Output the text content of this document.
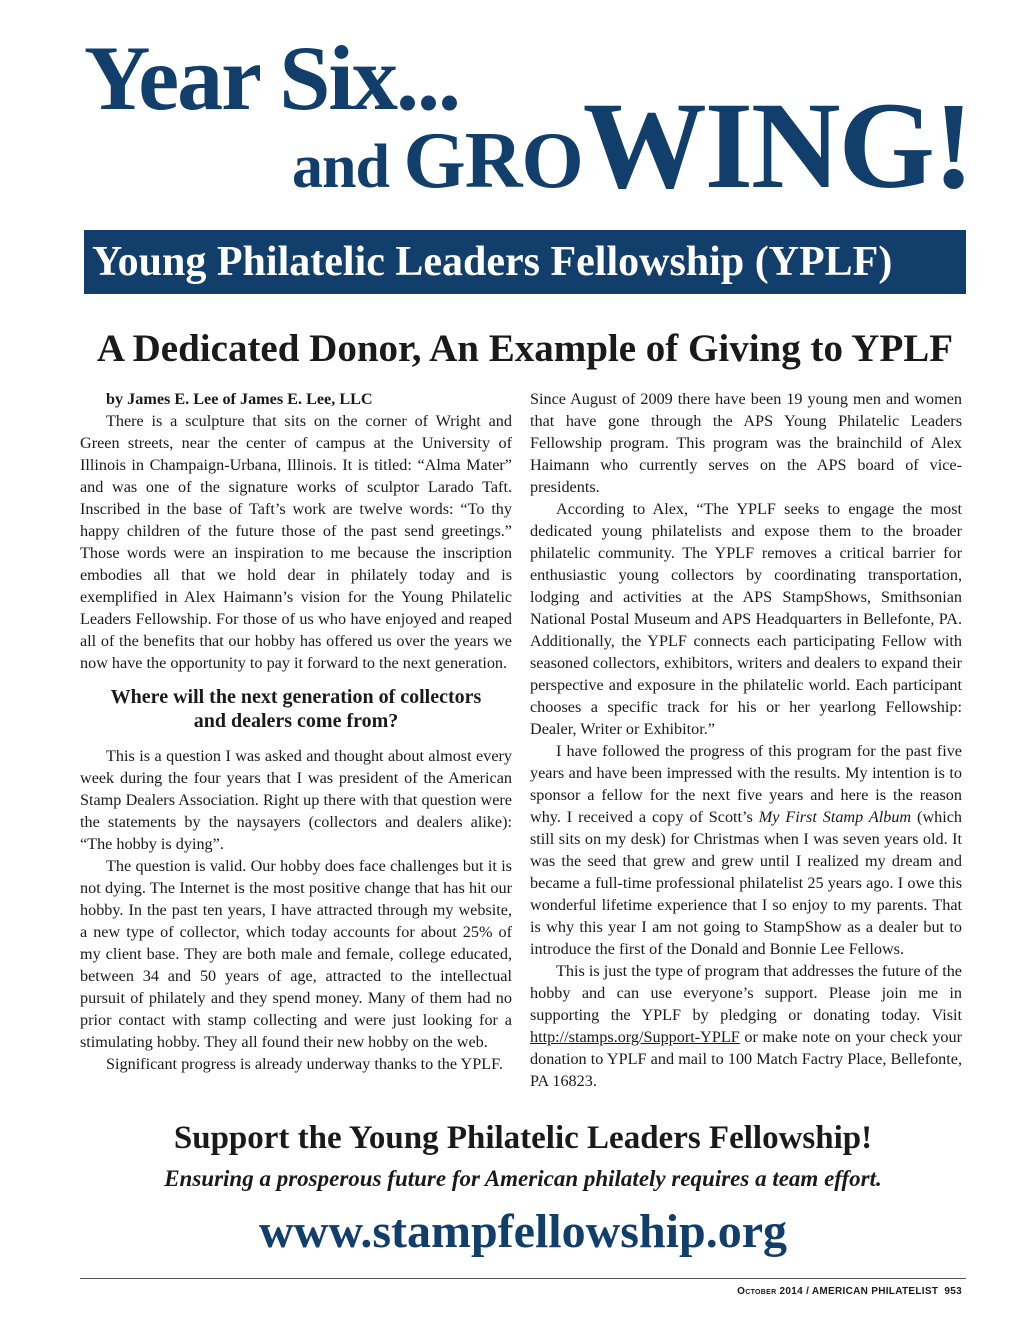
Year Six...
and GROWING!
Young Philatelic Leaders Fellowship (YPLF)
A Dedicated Donor, An Example of Giving to YPLF

by James E. Lee of James E. Lee, LLC

There is a sculpture that sits on the corner of Wright and Green streets, near the center of campus at the University of Illinois in Champaign-Urbana, Illinois. It is titled: “Alma Mater” and was one of the signature works of sculptor Larado Taft. Inscribed in the base of Taft’s work are twelve words: “To thy happy children of the future those of the past send greetings.” Those words were an inspiration to me because the inscription embodies all that we hold dear in philately today and is exemplified in Alex Haimann’s vision for the Young Philatelic Leaders Fellowship. For those of us who have enjoyed and reaped all of the benefits that our hobby has offered us over the years we now have the opportunity to pay it forward to the next generation.

Where will the next generation of collectors
and dealers come from?

This is a question I was asked and thought about almost every week during the four years that I was president of the American Stamp Dealers Association. Right up there with that question were the statements by the naysayers (collectors and dealers alike): “The hobby is dying”.

The question is valid. Our hobby does face challenges but it is not dying. The Internet is the most positive change that has hit our hobby. In the past ten years, I have attracted through my website, a new type of collector, which today accounts for about 25% of my client base. They are both male and female, college educated, between 34 and 50 years of age, attracted to the intellectual pursuit of philately and they spend money. Many of them had no prior contact with stamp collecting and were just looking for a stimulating hobby. They all found their new hobby on the web.

Significant progress is already underway thanks to the YPLF.

Since August of 2009 there have been 19 young men and women that have gone through the APS Young Philatelic Leaders Fellowship program. This program was the brainchild of Alex Haimann who currently serves on the APS board of vice-presidents.

According to Alex, “The YPLF seeks to engage the most dedicated young philatelists and expose them to the broader philatelic community. The YPLF removes a critical barrier for enthusiastic young collectors by coordinating transportation, lodging and activities at the APS StampShows, Smithsonian National Postal Museum and APS Headquarters in Bellefonte, PA. Additionally, the YPLF connects each participating Fellow with seasoned collectors, exhibitors, writers and dealers to expand their perspective and exposure in the philatelic world. Each participant chooses a specific track for his or her yearlong Fellowship: Dealer, Writer or Exhibitor.”

I have followed the progress of this program for the past five years and have been impressed with the results. My intention is to sponsor a fellow for the next five years and here is the reason why. I received a copy of Scott’s My First Stamp Album (which still sits on my desk) for Christmas when I was seven years old. It was the seed that grew and grew until I realized my dream and became a full-time professional philatelist 25 years ago. I owe this wonderful lifetime experience that I so enjoy to my parents. That is why this year I am not going to StampShow as a dealer but to introduce the first of the Donald and Bonnie Lee Fellows.

This is just the type of program that addresses the future of the hobby and can use everyone’s support. Please join me in supporting the YPLF by pledging or donating today. Visit http://stamps.org/Support-YPLF or make note on your check your donation to YPLF and mail to 100 Match Factry Place, Bellefonte, PA 16823.

Support the Young Philatelic Leaders Fellowship!
Ensuring a prosperous future for American philately requires a team effort.
www.stampfellowship.org
October 2014 / AMERICAN PHILATELIST 953
